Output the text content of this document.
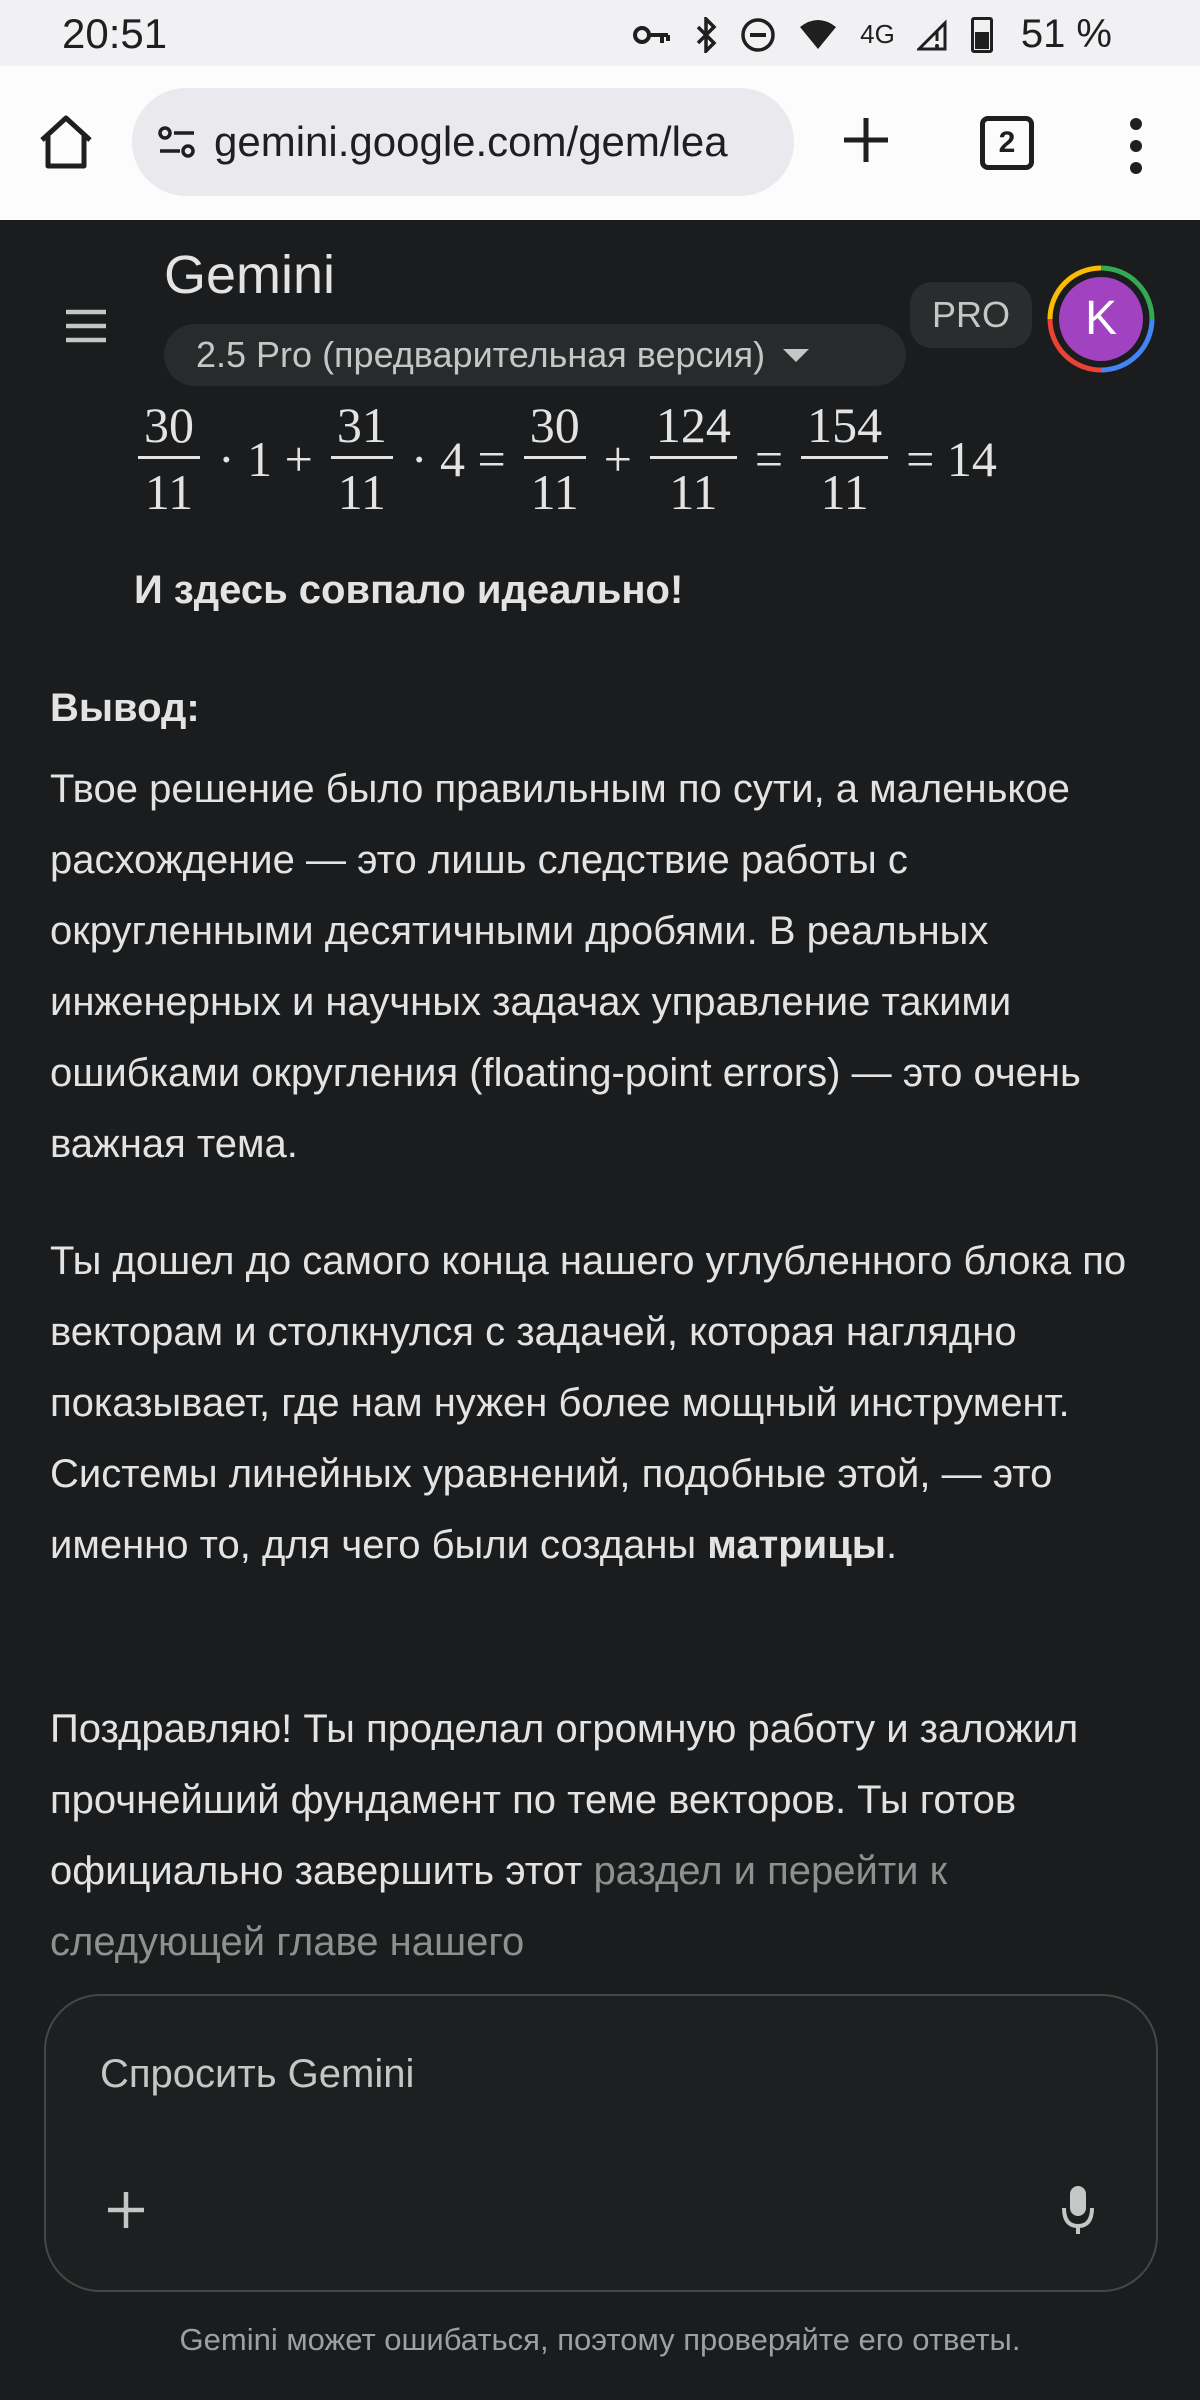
20:51	4G	51 %
gemini.google.com/gem/lea	2
Gemini
2.5 Pro (предварительная версия)
PRO	K
$\frac{30}{11} \cdot 1 + \frac{31}{11} \cdot 4 = \frac{30}{11} + \frac{124}{11} = \frac{154}{11} = 14$
И здесь совпало идеально!
Вывод:
Твое решение было правильным по сути, а маленькое расхождение — это лишь следствие работы с округленными десятичными дробями. В реальных инженерных и научных задачах управление такими ошибками округления (floating-point errors) — это очень важная тема.
Ты дошел до самого конца нашего углубленного блока по векторам и столкнулся с задачей, которая наглядно показывает, где нам нужен более мощный инструмент. Системы линейных уравнений, подобные этой, — это именно то, для чего были созданы матрицы.
Поздравляю! Ты проделал огромную работу и заложил прочнейший фундамент по теме векторов. Ты готов официально завершить этот раздел и перейти к следующей главе нашего
Спросить Gemini
Gemini может ошибаться, поэтому проверяйте его ответы.
